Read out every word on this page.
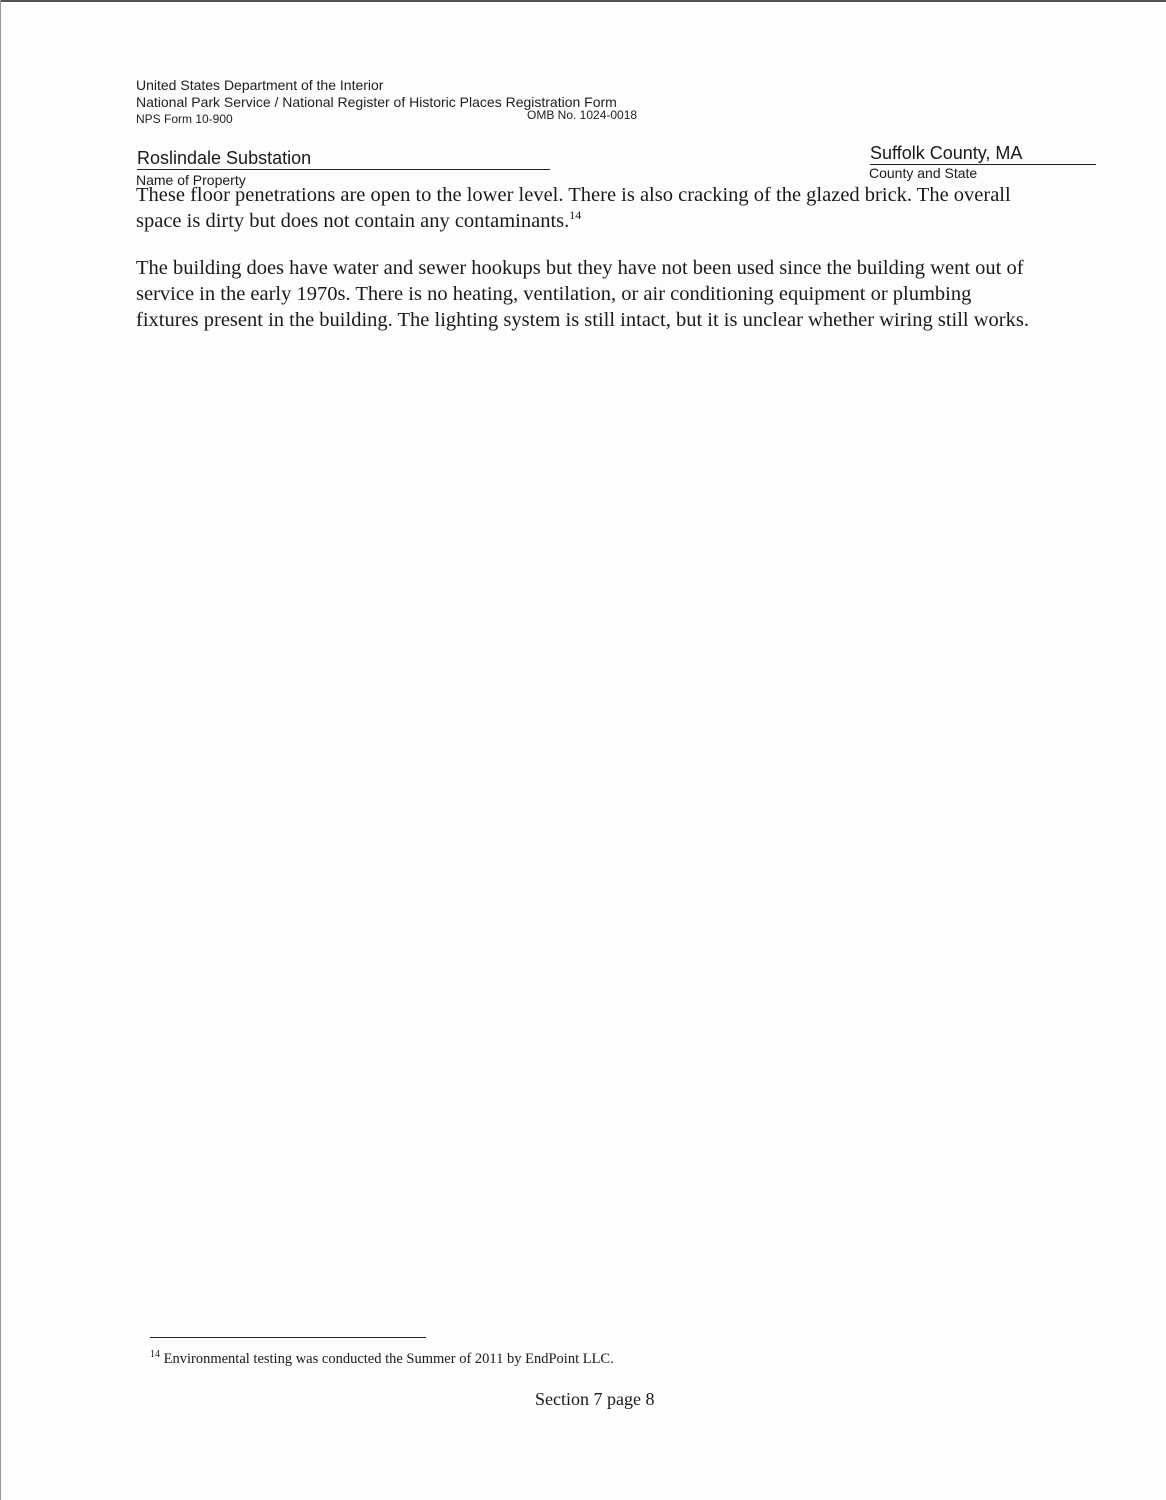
United States Department of the Interior
National Park Service / National Register of Historic Places Registration Form
NPS Form 10-900	OMB No. 1024-0018
Roslindale Substation
Name of Property
Suffolk County, MA
County and State
These floor penetrations are open to the lower level. There is also cracking of the glazed brick. The overall space is dirty but does not contain any contaminants.$^{14}$
The building does have water and sewer hookups but they have not been used since the building went out of service in the early 1970s. There is no heating, ventilation, or air conditioning equipment or plumbing fixtures present in the building. The lighting system is still intact, but it is unclear whether wiring still works.
$^{14}$ Environmental testing was conducted the Summer of 2011 by EndPoint LLC.
Section 7 page 8
